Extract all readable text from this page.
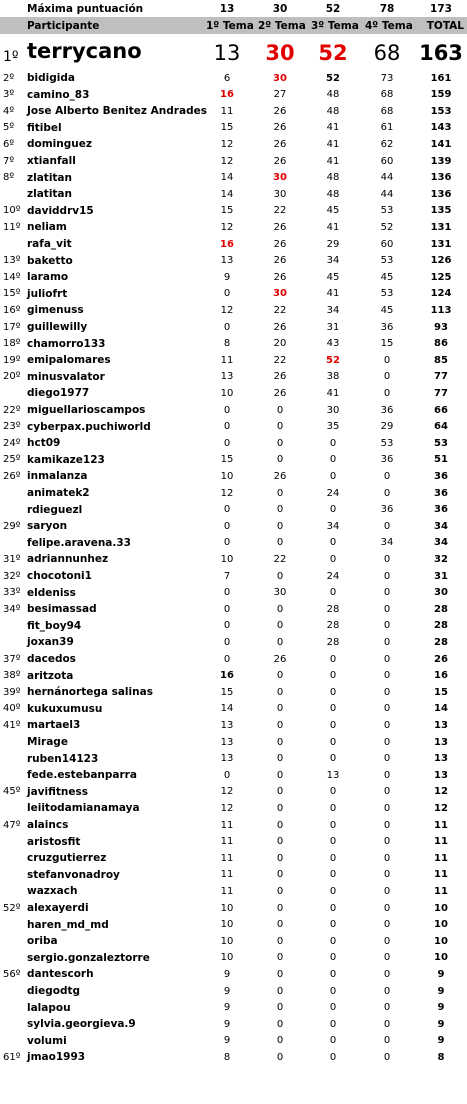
Máxima puntuación	13	30	52	78	173
Participante	1º Tema 2º Tema 3º Tema 4º Tema	TOTAL
1º terrycano	13	30	52	68 163
2º	bidigida	6	30	52	73	161
3º	camino_83	16	27	48	68	159
4º	Jose Alberto Benitez Andrades	11	26	48	68	153
5º	fitibel	15	26	41	61	143
6º	dominguez	12	26	41	62	141
7º	xtianfall	12	26	41	60	139
8º	zlatitan	14	30	48	44	136
zlatitan	14	30	48	44	136
10º daviddrv15	15	22	45	53	135
11º neliam	12	26	41	52	131
rafa_vit	16	26	29	60	131
13º baketto	13	26	34	53	126
14º laramo	9	26	45	45	125
15º juliofrt	0	30	41	53	124
16º gimenuss	12	22	34	45	113
17º guillewilly	0	26	31	36	93
18º chamorro133	8	20	43	15	86
19º emipalomares	11	22	52	0	85
20º minusvalator	13	26	38	0	77
diego1977	10	26	41	0	77
22º miguellarioscampos	0	0	30	36	66
23º cyberpax.puchiworld	0	0	35	29	64
24º hct09	0	0	0	53	53
25º kamikaze123	15	0	0	36	51
26º inmalanza	10	26	0	0	36
animatek2	12	0	24	0	36
rdieguezl	0	0	0	36	36
29º saryon	0	0	34	0	34
felipe.aravena.33	0	0	0	34	34
31º adriannunhez	10	22	0	0	32
32º chocotoni1	7	0	24	0	31
33º eldeniss	0	30	0	0	30
34º besimassad	0	0	28	0	28
fit_boy94	0	0	28	0	28
joxan39	0	0	28	0	28
37º dacedos	0	26	0	0	26
38º aritzota	16	0	0	0	16
39º hernánortega salinas	15	0	0	0	15
40º kukuxumusu	14	0	0	0	14
41º martael3	13	0	0	0	13
Mirage	13	0	0	0	13
ruben14123	13	0	0	0	13
fede.estebanparra	0	0	13	0	13
45º javifitness	12	0	0	0	12
leiitodamianamaya	12	0	0	0	12
47º alaincs	11	0	0	0	11
aristosfit	11	0	0	0	11
cruzgutierrez	11	0	0	0	11
stefanvonadroy	11	0	0	0	11
wazxach	11	0	0	0	11
52º alexayerdi	10	0	0	0	10
haren_md_md	10	0	0	0	10
oriba	10	0	0	0	10
sergio.gonzaleztorre	10	0	0	0	10
56º dantescorh	9	0	0	0	9
diegodtg	9	0	0	0	9
lalapou	9	0	0	0	9
sylvia.georgieva.9	9	0	0	0	9
volumi	9	0	0	0	9
61º jmao1993	8	0	0	0	8
